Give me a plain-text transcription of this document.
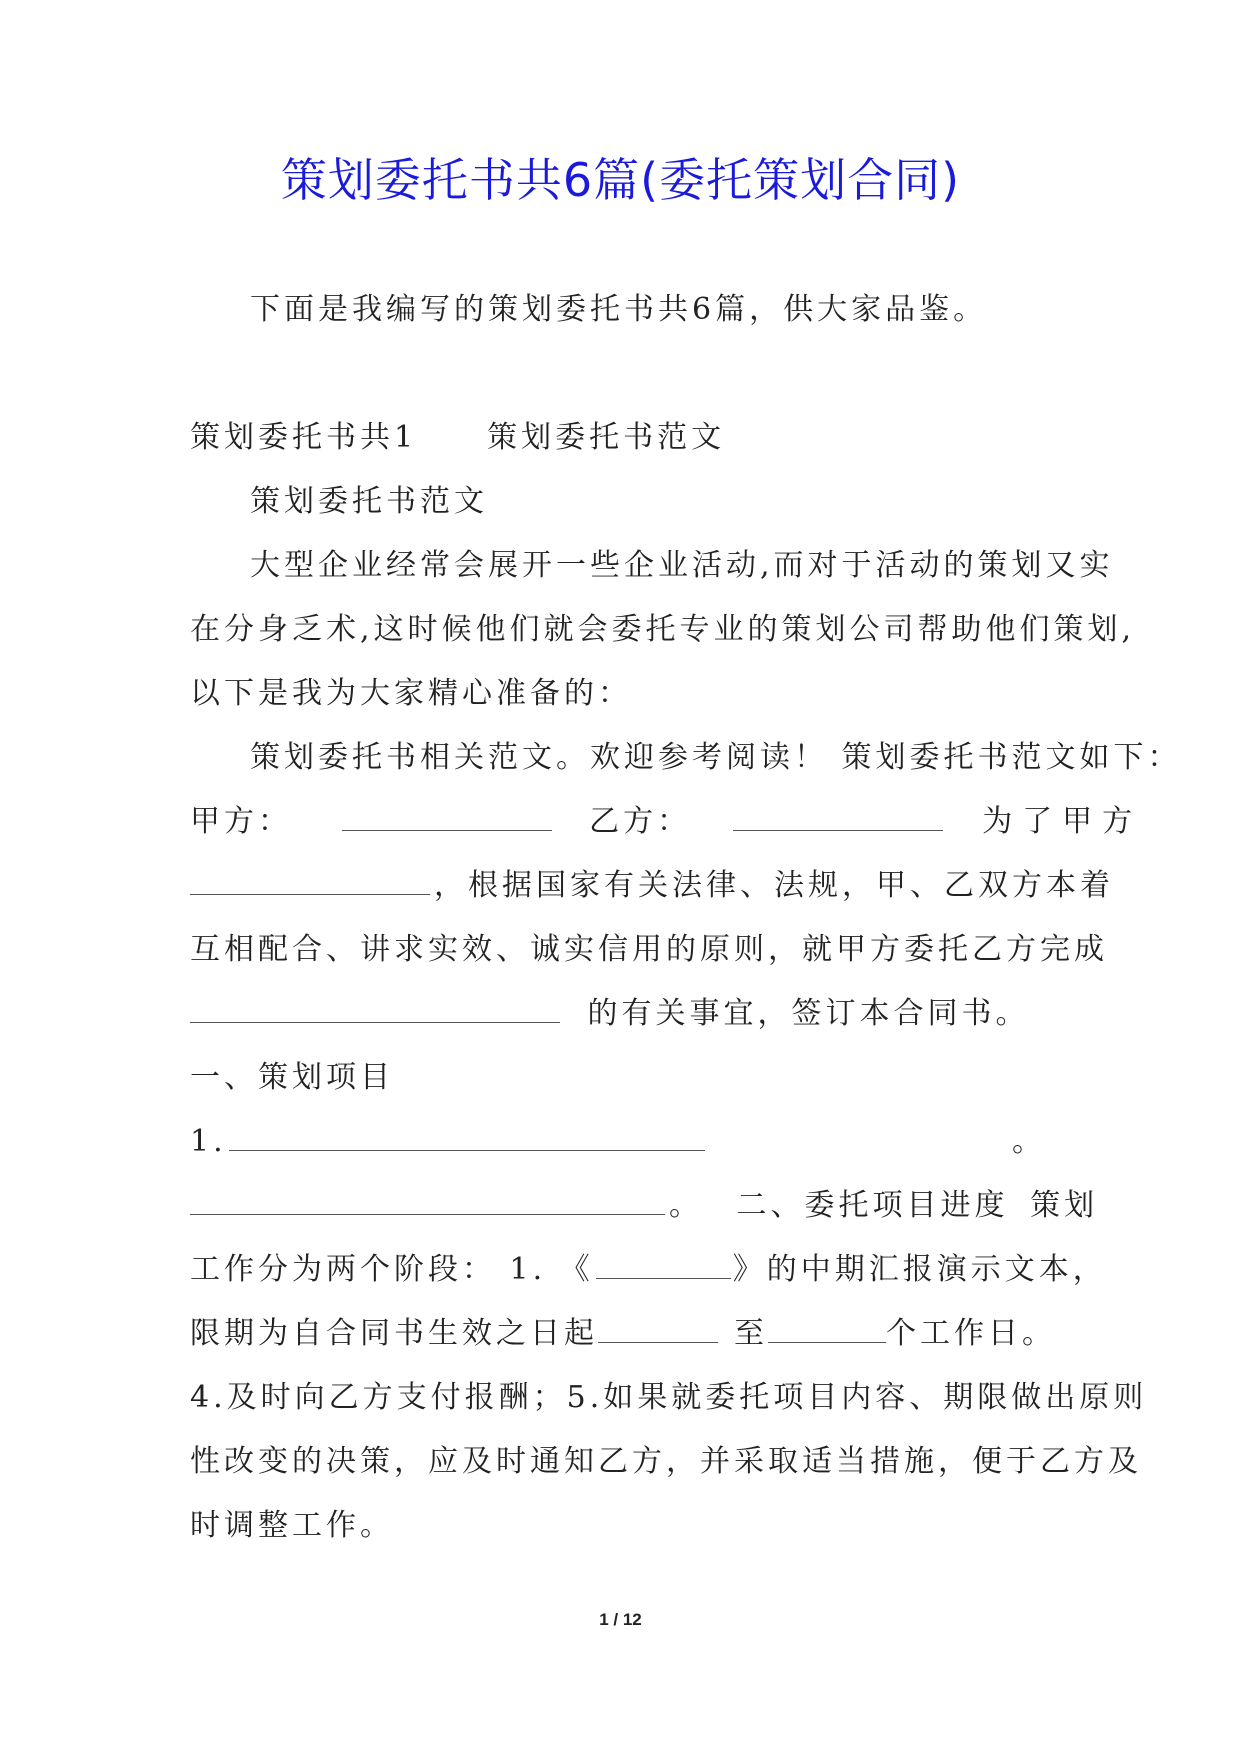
策划委托书共6篇(委托策划合同)
下面是我编写的策划委托书共6篇，供大家品鉴。
策划委托书共1 策划委托书范文
策划委托书范文
大型企业经常会展开一些企业活动,而对于活动的策划又实
在分身乏术,这时候他们就会委托专业的策划公司帮助他们策划,
以下是我为大家精心准备的：
策划委托书相关范文。欢迎参考阅读！ 策划委托书范文如下：
甲方：	乙方：	为了甲方
，根据国家有关法律、法规，甲、乙双方本着
互相配合、讲求实效、诚实信用的原则，就甲方委托乙方完成
的有关事宜，签订本合同书。
一、策划项目
1.	。
。 二、委托项目进度 策划
工作分为两个阶段： 1. 《	》的中期汇报演示文本，
限期为自合同书生效之日起	至	个工作日。
4.及时向乙方支付报酬；5.如果就委托项目内容、期限做出原则
性改变的决策，应及时通知乙方，并采取适当措施，便于乙方及
时调整工作。
1 / 12
